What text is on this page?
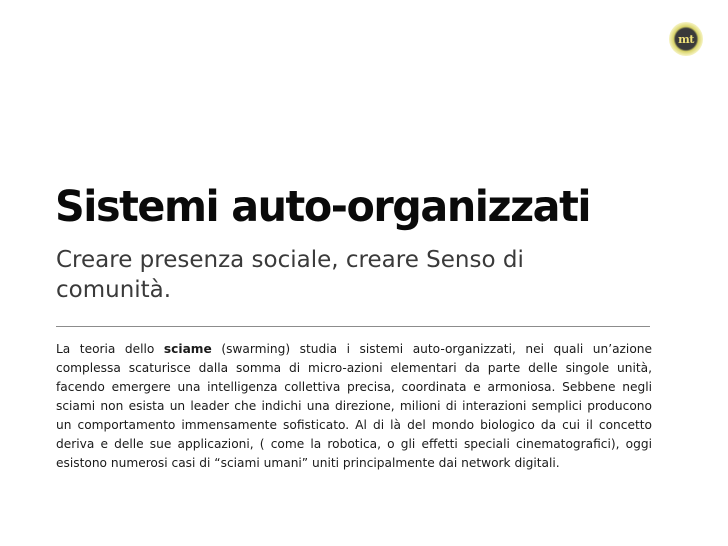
mt
Sistemi auto-organizzati
Creare presenza sociale, creare Senso di comunità.

La teoria dello sciame (swarming) studia i sistemi auto-organizzati, nei quali un’azione complessa scaturisce dalla somma di micro-azioni elementari da parte delle singole unità, facendo emergere una intelligenza collettiva precisa, coordinata e armoniosa. Sebbene negli sciami non esista un leader che indichi una direzione, milioni di interazioni semplici producono un comportamento immensamente sofisticato. Al di là del mondo biologico da cui il concetto deriva e delle sue applicazioni, ( come la robotica, o gli effetti speciali cinematografici), oggi esistono numerosi casi di “sciami umani” uniti principalmente dai network digitali.
